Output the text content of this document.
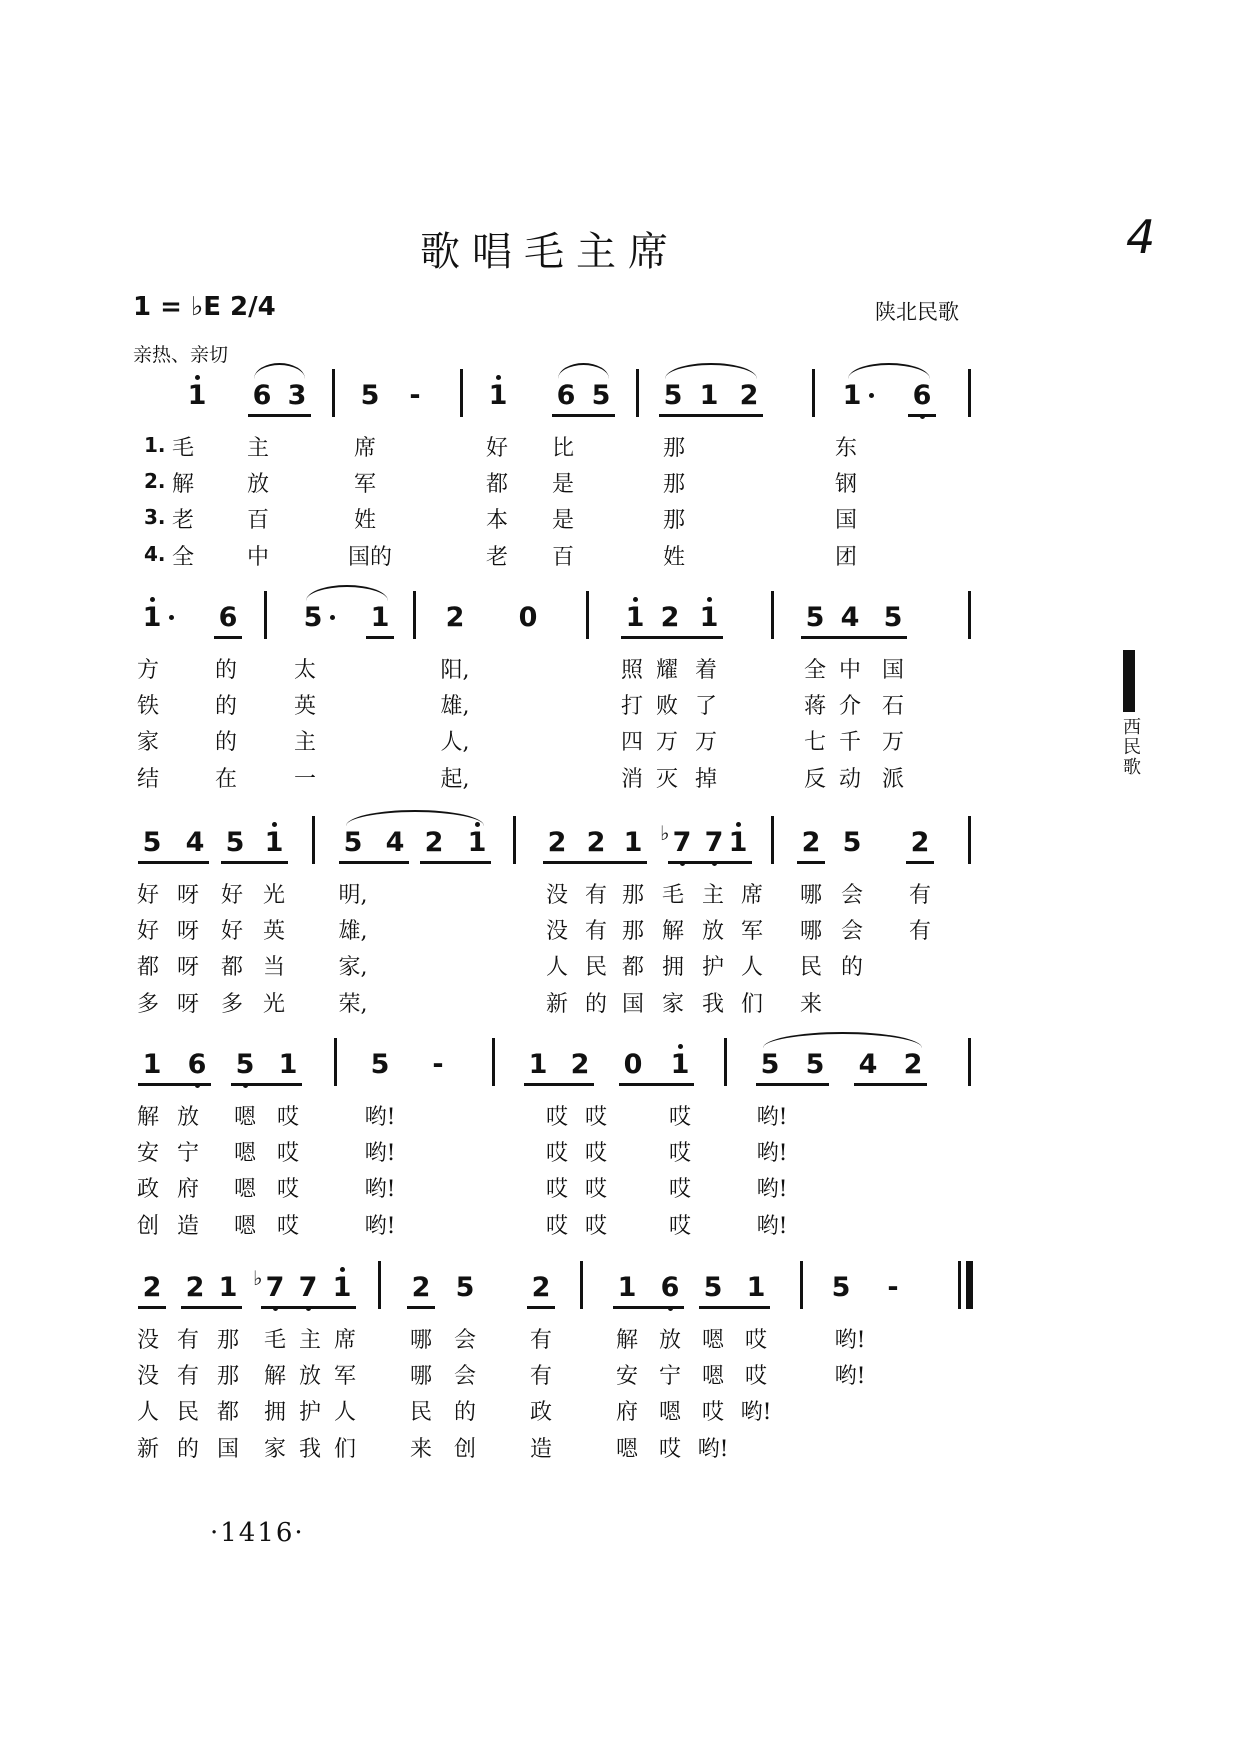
歌唱毛主席	4
1 = ♭E 2/4
亲热、亲切
陕北民歌
·1416·
西
民
歌
1 6 3 5 -	1 6 5 5 1 2	1 6
1. 毛 主	席	好 比	那	东
2. 解 放	军	都 是	那	钢
3. 老 百	姓	本 是	那	国
4. 全 中	国的	老 百	姓	团
1 6 5 1 2 0	1 2 1	5 4 5
方	的	太	阳,	照 耀 着	全 中 国
铁	的	英	雄,	打 败 了	蒋 介 石
家	的	主	人,	四 万 万	七 千 万
结	在	一	起,	消 灭 掉	反 动 派
5 4 5 1 5 4 2 1 2 2 1 7
♭ 7 1 2 5 2
好 呀 好 光	明,	没 有 那 毛 主 席 哪 会 有
好 呀 好 英	雄,	没 有 那 解 放 军 哪 会 有
都 呀 都 当	家,	人 民 都 拥 护 人 民 的
多 呀 多 光	荣,	新 的 国 家 我 们 来
1 6 5 1	5 -	1 2 0 1	5 5 4 2
解 放 嗯 哎	哟!	哎 哎	哎	哟!
安 宁 嗯 哎	哟!	哎 哎	哎	哟!
政 府 嗯 哎	哟!	哎 哎	哎	哟!
创 造 嗯 哎	哟!	哎 哎	哎	哟!
2 2 1 7
♭ 7 1 2 5 2 1 6 5 1 5 -
没 有 那 毛 主 席 哪 会 有	解 放 嗯 哎	哟!
没 有 那 解 放 军 哪 会 有	安 宁 嗯 哎	哟!
人 民 都 拥 护 人 民 的 政	府 嗯 哎 哟!
新 的 国 家 我 们 来 创 造	嗯 哎 哟!
